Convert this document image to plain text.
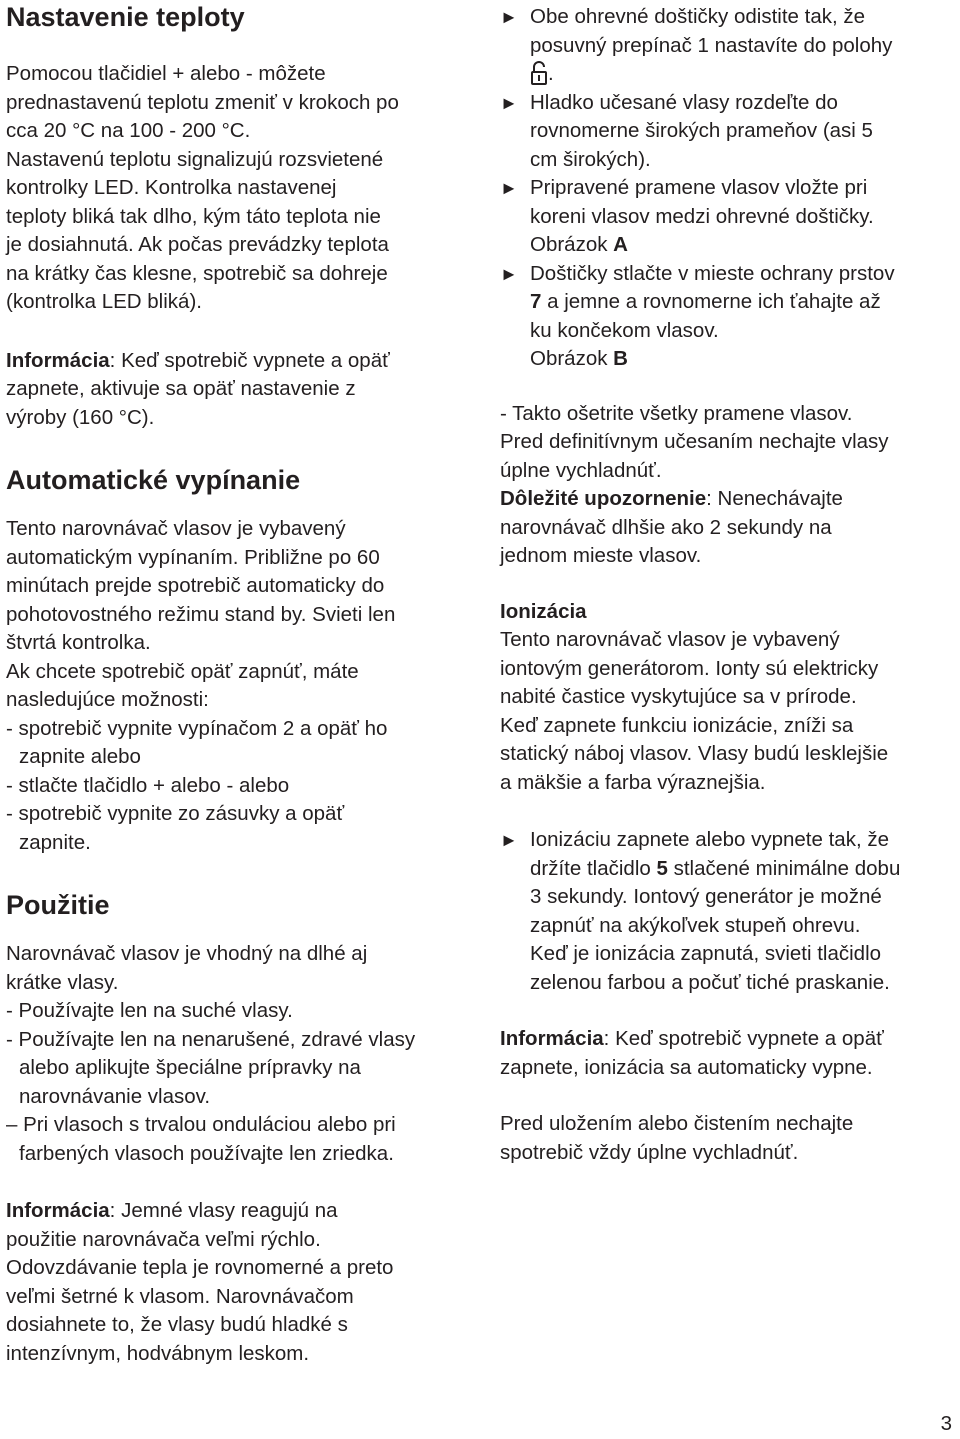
Nastavenie teploty

Pomocou tlačidiel + alebo - môžete

prednastavenú teplotu zmeniť v krokoch po

cca 20 °C na 100 - 200 °C.

Nastavenú teplotu signalizujú rozsvietené

kontrolky LED. Kontrolka nastavenej

teploty bliká tak dlho, kým táto teplota nie

je dosiahnutá. Ak počas prevádzky teplota

na krátky čas klesne, spotrebič sa dohreje

(kontrolka LED bliká).

Informácia: Keď spotrebič vypnete a opäť

zapnete, aktivuje sa opäť nastavenie z

výroby (160 °C).

Automatické vypínanie

Tento narovnávač vlasov je vybavený

automatickým vypínaním. Približne po 60

minútach prejde spotrebič automaticky do

pohotovostného režimu stand by. Svieti len

štvrtá kontrolka.

Ak chcete spotrebič opäť zapnúť, máte

nasledujúce možnosti:

- spotrebič vypnite vypínačom 2 a opäť ho zapnite alebo

- stlačte tlačidlo + alebo - alebo

- spotrebič vypnite zo zásuvky a opäť zapnite.

Použitie

Narovnávač vlasov je vhodný na dlhé aj

krátke vlasy.

- Používajte len na suché vlasy.

- Používajte len na nenarušené, zdravé vlasy alebo aplikujte špeciálne prípravky na narovnávanie vlasov.

– Pri vlasoch s trvalou onduláciou alebo pri farbených vlasoch používajte len zriedka.

Informácia: Jemné vlasy reagujú na

použitie narovnávača veľmi rýchlo.

Odovzdávanie tepla je rovnomerné a preto

veľmi šetrné k vlasom. Narovnávačom

dosiahnete to, že vlasy budú hladké s

intenzívnym, hodvábnym leskom.

► Obe ohrevné doštičky odistite tak, že

posuvný prepínač 1 nastavíte do polohy

.

► Hladko učesané vlasy rozdeľte do

rovnomerne širokých prameňov (asi 5

cm širokých).

► Pripravené pramene vlasov vložte pri

koreni vlasov medzi ohrevné doštičky.

Obrázok A

► Doštičky stlačte v mieste ochrany prstov

7 a jemne a rovnomerne ich ťahajte až

ku končekom vlasov.

Obrázok B

- Takto ošetrite všetky pramene vlasov.

Pred definitívnym učesaním nechajte vlasy

úplne vychladnúť.

Dôležité upozornenie: Nenechávajte

narovnávač dlhšie ako 2 sekundy na

jednom mieste vlasov.

Ionizácia

Tento narovnávač vlasov je vybavený

iontovým generátorom. Ionty sú elektricky

nabité častice vyskytujúce sa v prírode.

Keď zapnete funkciu ionizácie, zníži sa

statický náboj vlasov. Vlasy budú lesklejšie

a mäkšie a farba výraznejšia.

► Ionizáciu zapnete alebo vypnete tak, že

držíte tlačidlo 5 stlačené minimálne dobu

3 sekundy. Iontový generátor je možné

zapnúť na akýkoľvek stupeň ohrevu.

Keď je ionizácia zapnutá, svieti tlačidlo

zelenou farbou a počuť tiché praskanie.

Informácia: Keď spotrebič vypnete a opäť

zapnete, ionizácia sa automaticky vypne.

Pred uložením alebo čistením nechajte

spotrebič vždy úplne vychladnúť.

3
